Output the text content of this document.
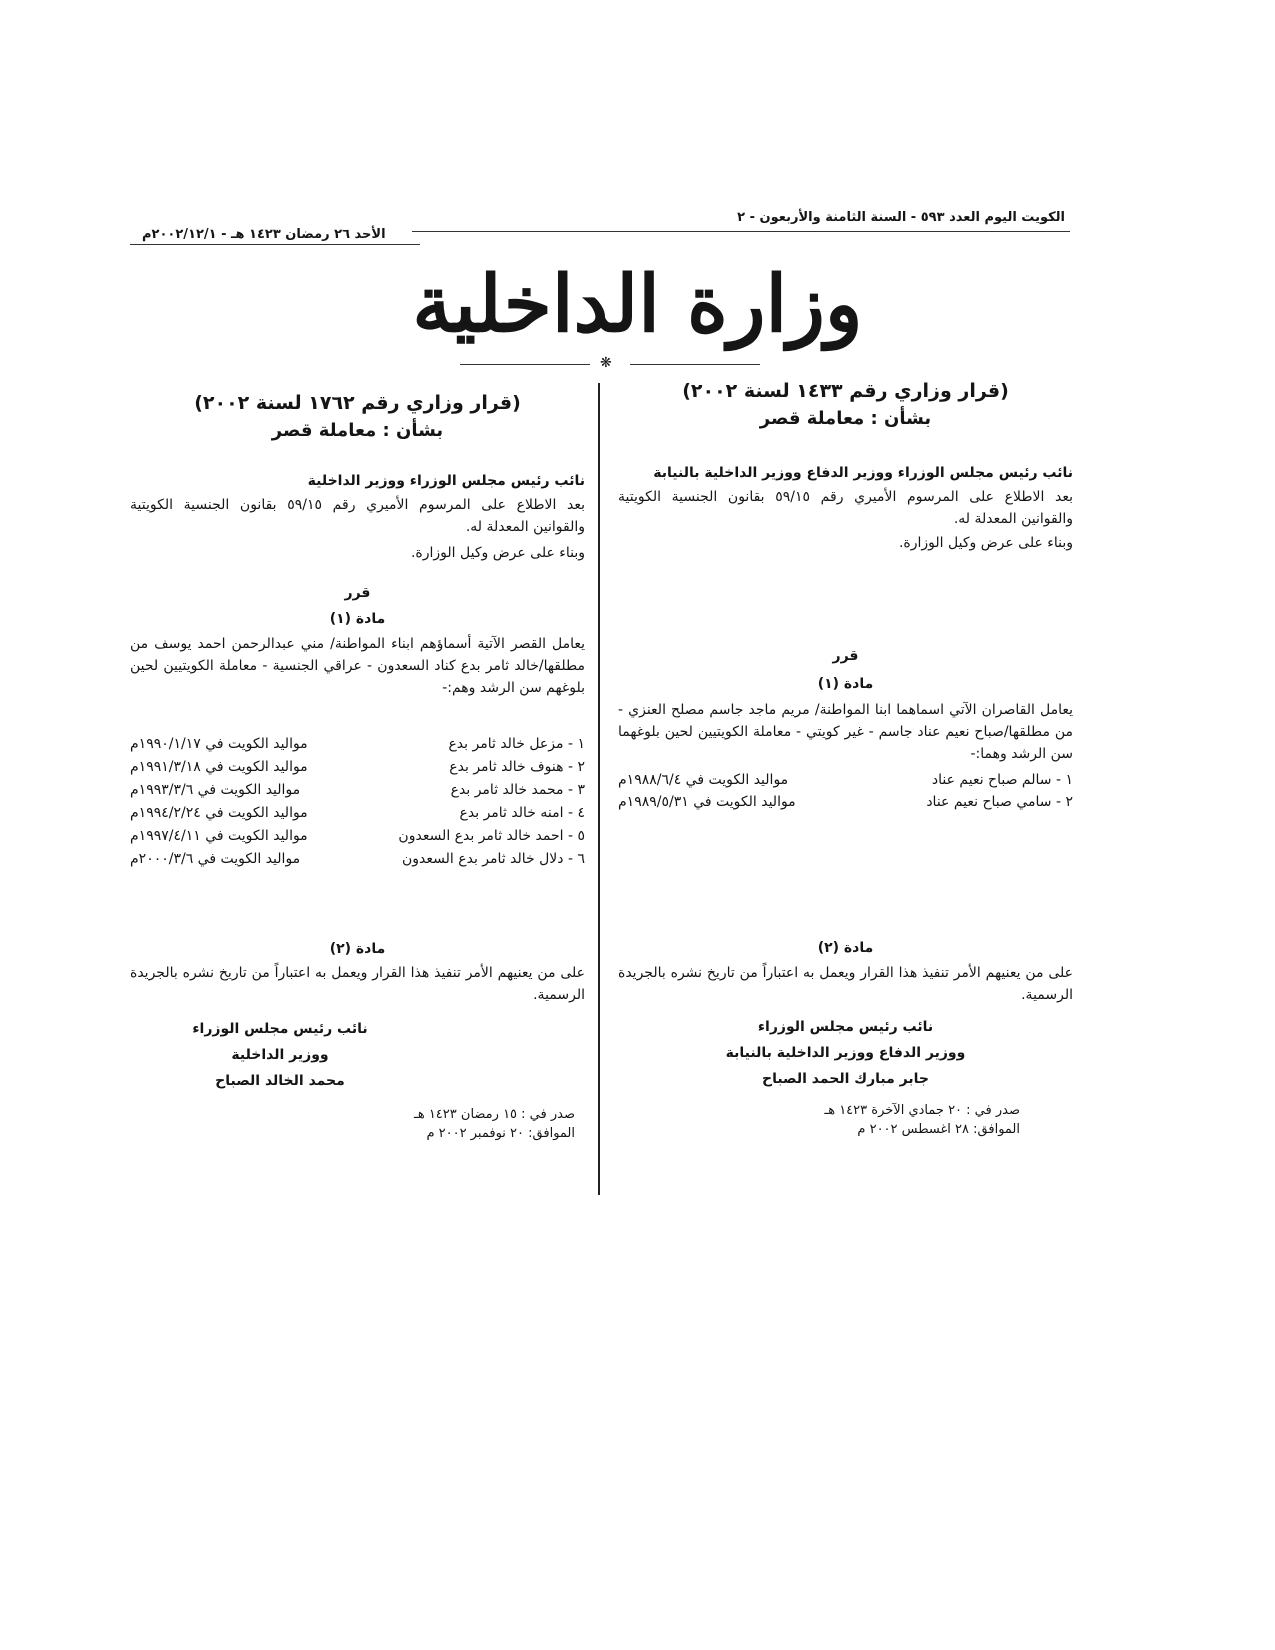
الكويت اليوم العدد ٥٩٣ - السنة الثامنة والأربعون - ٢
الأحد ٢٦ رمضان ١٤٢٣ هـ - ٢٠٠٢/١٢/١م
وزارة الداخلية
❋
(قرار وزاري رقم ١٤٣٣ لسنة ٢٠٠٢)
بشأن : معاملة قصر
نائب رئيس مجلس الوزراء ووزير الدفاع ووزير الداخلية بالنيابة
بعد الاطلاع على المرسوم الأميري رقم ٥٩/١٥ بقانون الجنسية الكويتية والقوانين المعدلة له.
وبناء على عرض وكيل الوزارة.
قرر
مادة (١)
يعامل القاصران الآتي اسماهما ابنا المواطنة/ مريم ماجد جاسم مصلح العنزي - من مطلقها/صباح نعيم عناد جاسم - غير كويتي - معاملة الكويتيين لحين بلوغهما سن الرشد وهما:-
١ - سالم صباح نعيم عناد
مواليد الكويت في ١٩٨٨/٦/٤م
٢ - سامي صباح نعيم عناد
مواليد الكويت في ١٩٨٩/٥/٣١م
مادة (٢)
على من يعنيهم الأمر تنفيذ هذا القرار ويعمل به اعتباراً من تاريخ نشره بالجريدة الرسمية.
نائب رئيس مجلس الوزراء
ووزير الدفاع ووزير الداخلية بالنيابة
جابر مبارك الحمد الصباح
صدر في : ٢٠ جمادي الآخرة ١٤٢٣ هـ
الموافق: ٢٨ اغسطس ٢٠٠٢ م
(قرار وزاري رقم ١٧٦٢ لسنة ٢٠٠٢)
بشأن : معاملة قصر
نائب رئيس مجلس الوزراء ووزير الداخلية
بعد الاطلاع على المرسوم الأميري رقم ٥٩/١٥ بقانون الجنسية الكويتية والقوانين المعدلة له.
وبناء على عرض وكيل الوزارة.
قرر
مادة (١)
يعامل القصر الآتية أسماؤهم ابناء المواطنة/ مني عبدالرحمن احمد يوسف من مطلقها/خالد ثامر بدع كناد السعدون - عراقي الجنسية - معاملة الكويتيين لحين بلوغهم سن الرشد وهم:-
١ - مزعل خالد ثامر بدع
مواليد الكويت في ١٩٩٠/١/١٧م
٢ - هنوف خالد ثامر بدع
مواليد الكويت في ١٩٩١/٣/١٨م
٣ - محمد خالد ثامر بدع
مواليد الكويت في ١٩٩٣/٣/٦م
٤ - امنه خالد ثامر بدع
مواليد الكويت في ١٩٩٤/٢/٢٤م
٥ - احمد خالد ثامر بدع السعدون
مواليد الكويت في ١٩٩٧/٤/١١م
٦ - دلال خالد ثامر بدع السعدون
مواليد الكويت في ٢٠٠٠/٣/٦م
مادة (٢)
على من يعنيهم الأمر تنفيذ هذا القرار ويعمل به اعتباراً من تاريخ نشره بالجريدة الرسمية.
نائب رئيس مجلس الوزراء
ووزير الداخلية
محمد الخالد الصباح
صدر في : ١٥ رمضان ١٤٢٣ هـ
الموافق: ٢٠ نوفمبر ٢٠٠٢ م
